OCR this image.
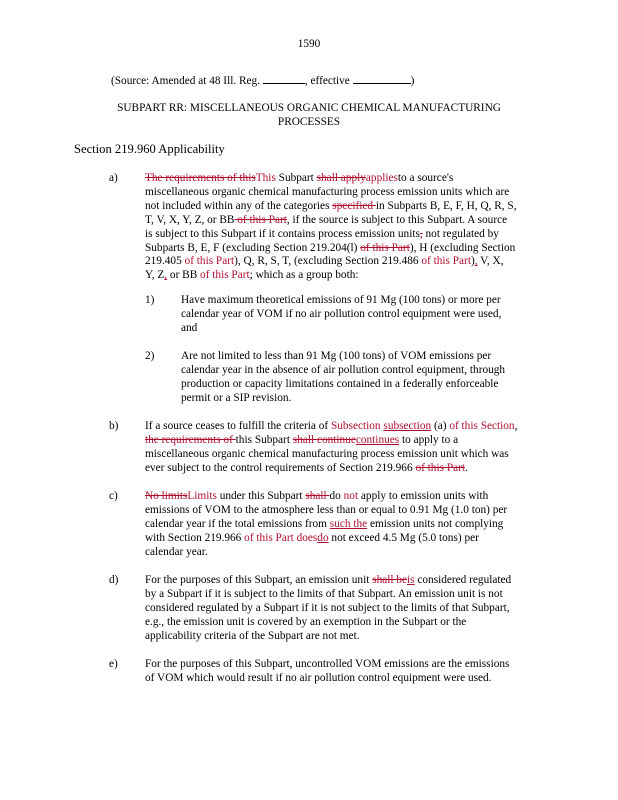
1590
(Source: Amended at 48 Ill. Reg.	, effective	)
SUBPART RR: MISCELLANEOUS ORGANIC CHEMICAL MANUFACTURING
PROCESSES
Section 219.960 Applicability
a) The requirements of thisThis Subpart shall applyappliesto a source's
miscellaneous organic chemical manufacturing process emission units which are
not included within any of the categories specified in Subparts B, E, F, H, Q, R, S,
T, V, X, Y, Z, or BB of this Part, if the source is subject to this Subpart. A source
is subject to this Subpart if it contains process emission units, not regulated by
Subparts B, E, F (excluding Section 219.204(l) of this Part), H (excluding Section
219.405 of this Part), Q, R, S, T, (excluding Section 219.486 of this Part), V, X,
Y, Z, or BB of this Part; which as a group both:
1) Have maximum theoretical emissions of 91 Mg (100 tons) or more per
calendar year of VOM if no air pollution control equipment were used,
and
2) Are not limited to less than 91 Mg (100 tons) of VOM emissions per
calendar year in the absence of air pollution control equipment, through
production or capacity limitations contained in a federally enforceable
permit or a SIP revision.
b) If a source ceases to fulfill the criteria of Subsection subsection (a) of this Section,
the requirements of this Subpart shall continuecontinues to apply to a
miscellaneous organic chemical manufacturing process emission unit which was
ever subject to the control requirements of Section 219.966 of this Part.
c) No limitsLimits under this Subpart shall do not apply to emission units with
emissions of VOM to the atmosphere less than or equal to 0.91 Mg (1.0 ton) per
calendar year if the total emissions from such the emission units not complying
with Section 219.966 of this Part doesdo not exceed 4.5 Mg (5.0 tons) per
calendar year.
d) For the purposes of this Subpart, an emission unit shall beis considered regulated
by a Subpart if it is subject to the limits of that Subpart. An emission unit is not
considered regulated by a Subpart if it is not subject to the limits of that Subpart,
e.g., the emission unit is covered by an exemption in the Subpart or the
applicability criteria of the Subpart are not met.
e) For the purposes of this Subpart, uncontrolled VOM emissions are the emissions
of VOM which would result if no air pollution control equipment were used.
